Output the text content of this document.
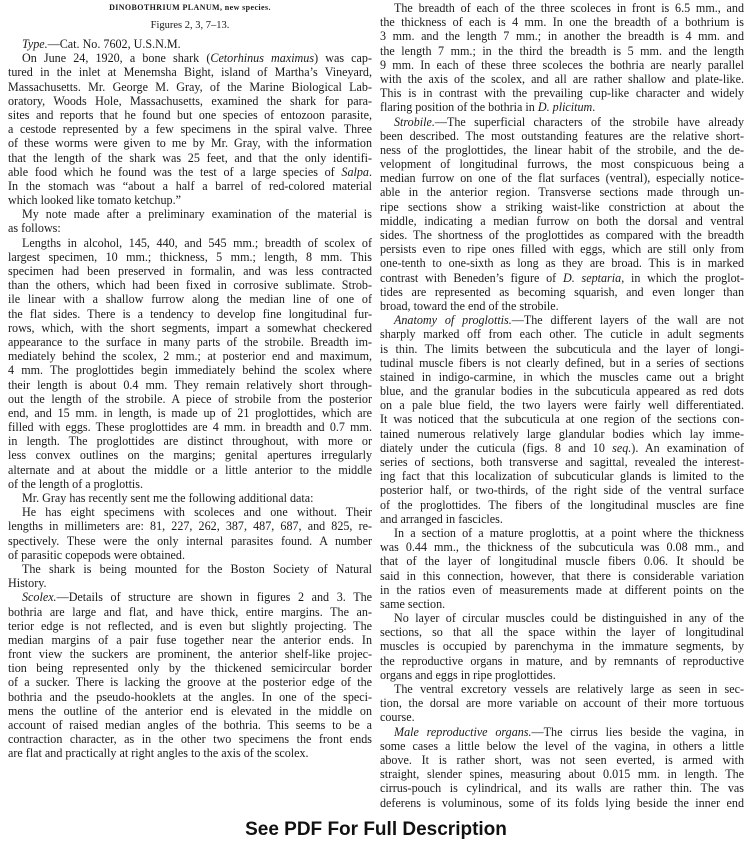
DINOBOTHRIUM PLANUM, new species.
Figures 2, 3, 7–13.
Type.—Cat. No. 7602, U.S.N.M.
On June 24, 1920, a bone shark (Cetorhinus maximus) was cap-
tured in the inlet at Menemsha Bight, island of Martha’s Vineyard,
Massachusetts. Mr. George M. Gray, of the Marine Biological Lab-
oratory, Woods Hole, Massachusetts, examined the shark for para-
sites and reports that he found but one species of entozoon parasite,
a cestode represented by a few specimens in the spiral valve. Three
of these worms were given to me by Mr. Gray, with the information
that the length of the shark was 25 feet, and that the only identifi-
able food which he found was the test of a large species of Salpa.
In the stomach was “about a half a barrel of red-colored material
which looked like tomato ketchup.”
My note made after a preliminary examination of the material is
as follows:
Lengths in alcohol, 145, 440, and 545 mm.; breadth of scolex of
largest specimen, 10 mm.; thickness, 5 mm.; length, 8 mm. This
specimen had been preserved in formalin, and was less contracted
than the others, which had been fixed in corrosive sublimate. Strob-
ile linear with a shallow furrow along the median line of one of
the flat sides. There is a tendency to develop fine longitudinal fur-
rows, which, with the short segments, impart a somewhat checkered
appearance to the surface in many parts of the strobile. Breadth im-
mediately behind the scolex, 2 mm.; at posterior end and maximum,
4 mm. The proglottides begin immediately behind the scolex where
their length is about 0.4 mm. They remain relatively short through-
out the length of the strobile. A piece of strobile from the posterior
end, and 15 mm. in length, is made up of 21 proglottides, which are
filled with eggs. These proglottides are 4 mm. in breadth and 0.7 mm.
in length. The proglottides are distinct throughout, with more or
less convex outlines on the margins; genital apertures irregularly
alternate and at about the middle or a little anterior to the middle
of the length of a proglottis.
Mr. Gray has recently sent me the following additional data:
He has eight specimens with scoleces and one without. Their
lengths in millimeters are: 81, 227, 262, 387, 487, 687, and 825, re-
spectively. These were the only internal parasites found. A number
of parasitic copepods were obtained.
The shark is being mounted for the Boston Society of Natural
History.
Scolex.—Details of structure are shown in figures 2 and 3. The
bothria are large and flat, and have thick, entire margins. The an-
terior edge is not reflected, and is even but slightly projecting. The
median margins of a pair fuse together near the anterior ends. In
front view the suckers are prominent, the anterior shelf-like projec-
tion being represented only by the thickened semicircular border
of a sucker. There is lacking the groove at the posterior edge of the
bothria and the pseudo-hooklets at the angles. In one of the speci-
mens the outline of the anterior end is elevated in the middle on
account of raised median angles of the bothria. This seems to be a
contraction character, as in the other two specimens the front ends
are flat and practically at right angles to the axis of the scolex.
The breadth of each of the three scoleces in front is 6.5 mm., and
the thickness of each is 4 mm. In one the breadth of a bothrium is
3 mm. and the length 7 mm.; in another the breadth is 4 mm. and
the length 7 mm.; in the third the breadth is 5 mm. and the length
9 mm. In each of these three scoleces the bothria are nearly parallel
with the axis of the scolex, and all are rather shallow and plate-like.
This is in contrast with the prevailing cup-like character and widely
flaring position of the bothria in D. plicitum.
Strobile.—The superficial characters of the strobile have already
been described. The most outstanding features are the relative short-
ness of the proglottides, the linear habit of the strobile, and the de-
velopment of longitudinal furrows, the most conspicuous being a
median furrow on one of the flat surfaces (ventral), especially notice-
able in the anterior region. Transverse sections made through un-
ripe sections show a striking waist-like constriction at about the
middle, indicating a median furrow on both the dorsal and ventral
sides. The shortness of the proglottides as compared with the breadth
persists even to ripe ones filled with eggs, which are still only from
one-tenth to one-sixth as long as they are broad. This is in marked
contrast with Beneden’s figure of D. septaria, in which the proglot-
tides are represented as becoming squarish, and even longer than
broad, toward the end of the strobile.
Anatomy of proglottis.—The different layers of the wall are not
sharply marked off from each other. The cuticle in adult segments
is thin. The limits between the subcuticula and the layer of longi-
tudinal muscle fibers is not clearly defined, but in a series of sections
stained in indigo-carmine, in which the muscles came out a bright
blue, and the granular bodies in the subcuticula appeared as red dots
on a pale blue field, the two layers were fairly well differentiated.
It was noticed that the subcuticula at one region of the sections con-
tained numerous relatively large glandular bodies which lay imme-
diately under the cuticula (figs. 8 and 10 seq.). An examination of
series of sections, both transverse and sagittal, revealed the interest-
ing fact that this localization of subcuticular glands is limited to the
posterior half, or two-thirds, of the right side of the ventral surface
of the proglottides. The fibers of the longitudinal muscles are fine
and arranged in fascicles.
In a section of a mature proglottis, at a point where the thickness
was 0.44 mm., the thickness of the subcuticula was 0.08 mm., and
that of the layer of longitudinal muscle fibers 0.06. It should be
said in this connection, however, that there is considerable variation
in the ratios even of measurements made at different points on the
same section.
No layer of circular muscles could be distinguished in any of the
sections, so that all the space within the layer of longitudinal
muscles is occupied by parenchyma in the immature segments, by
the reproductive organs in mature, and by remnants of reproductive
organs and eggs in ripe proglottides.
The ventral excretory vessels are relatively large as seen in sec-
tion, the dorsal are more variable on account of their more tortuous
course.
Male reproductive organs.—The cirrus lies beside the vagina, in
some cases a little below the level of the vagina, in others a little
above. It is rather short, was not seen everted, is armed with
straight, slender spines, measuring about 0.015 mm. in length. The
cirrus-pouch is cylindrical, and its walls are rather thin. The vas
deferens is voluminous, some of its folds lying beside the inner end
See PDF For Full Description
